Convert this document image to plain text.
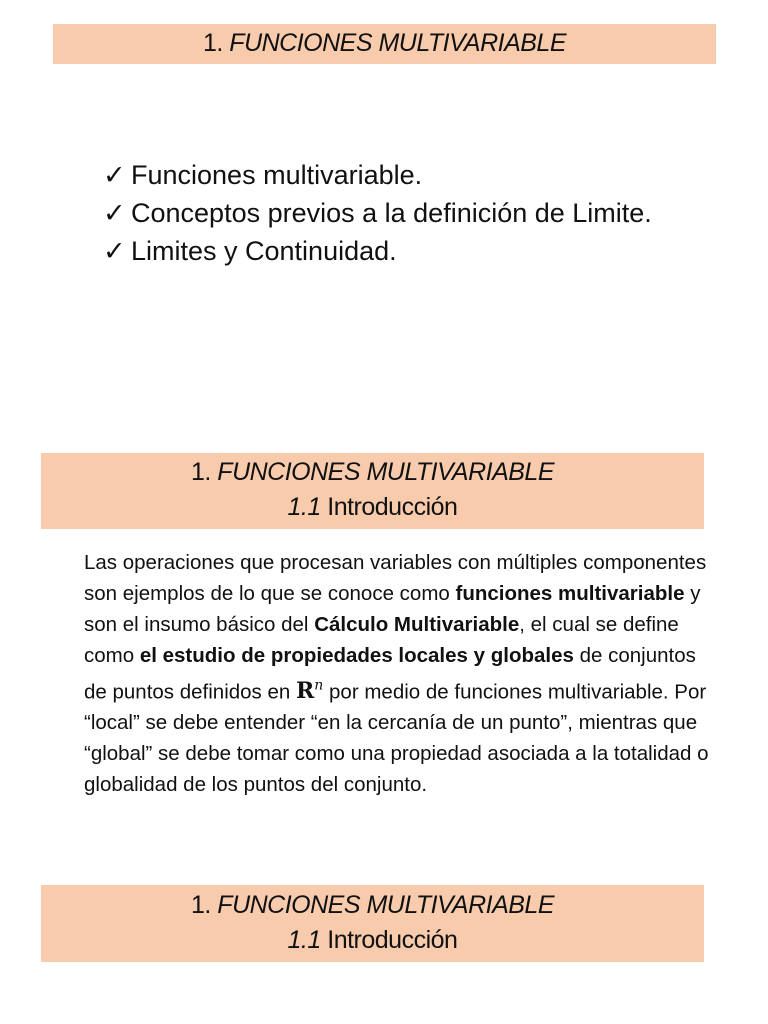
1. FUNCIONES MULTIVARIABLE
✓ Funciones multivariable.
✓ Conceptos previos a la definición de Limite.
✓ Limites y Continuidad.
1. FUNCIONES MULTIVARIABLE
1.1 Introducción

Las operaciones que procesan variables con múltiples componentes son ejemplos de lo que se conoce como funciones multivariable y son el insumo básico del Cálculo Multivariable, el cual se define como el estudio de propiedades locales y globales de conjuntos de puntos definidos en $R^n$ por medio de funciones multivariable. Por “local” se debe entender “en la cercanía de un punto”, mientras que “global” se debe tomar como una propiedad asociada a la totalidad o globalidad de los puntos del conjunto.

1. FUNCIONES MULTIVARIABLE
1.1 Introducción
